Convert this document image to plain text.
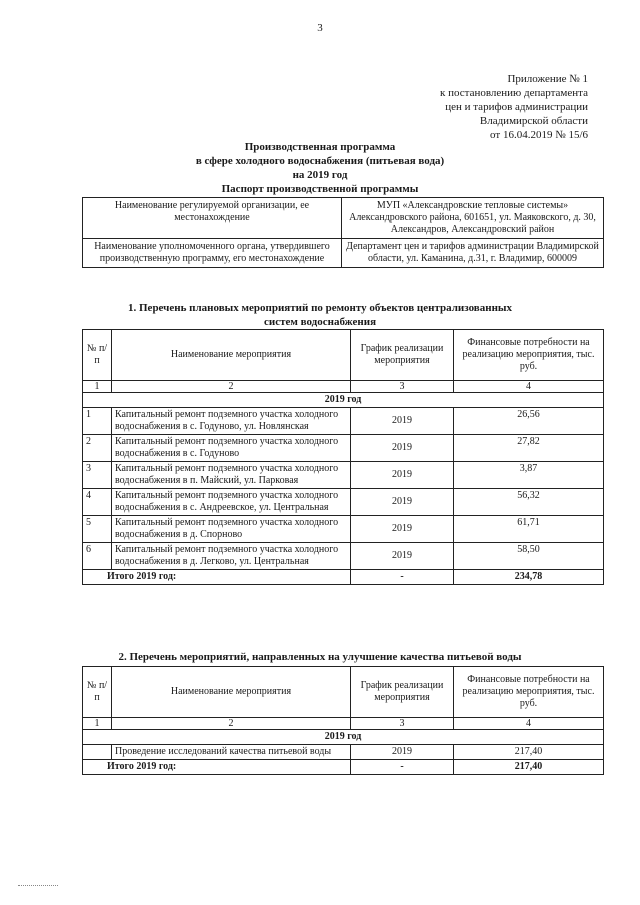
3
Приложение № 1
к постановлению департамента
цен и тарифов администрации
Владимирской области
от 16.04.2019 № 15/6
Производственная программа
в сфере холодного водоснабжения (питьевая вода)
на 2019 год
Паспорт производственной программы
Наименование регулируемой организации, ее местонахождение	МУП «Александровские тепловые системы» Александровского района, 601651, ул. Маяковского, д. 30, Александров, Александровский район
Наименование уполномоченного органа, утвердившего производственную программу, его местонахождение	Департамент цен и тарифов администрации Владимирской области, ул. Каманина, д.31, г. Владимир, 600009
1. Перечень плановых мероприятий по ремонту объектов централизованных систем водоснабжения
№ п/п	Наименование мероприятия	График реализации мероприятия	Финансовые потребности на реализацию мероприятия, тыс. руб.
1	2	3	4
2019 год			
1	Капитальный ремонт подземного участка холодного водоснабжения в с. Годуново, ул. Новлянская	2019	26,56
2	Капитальный ремонт подземного участка холодного водоснабжения в с. Годуново	2019	27,82
3	Капитальный ремонт подземного участка холодного водоснабжения в п. Майский, ул. Парковая	2019	3,87
4	Капитальный ремонт подземного участка холодного водоснабжения в с. Андреевское, ул. Центральная	2019	56,32
5	Капитальный ремонт подземного участка холодного водоснабжения в д. Спорново	2019	61,71
6	Капитальный ремонт подземного участка холодного водоснабжения в д. Легково, ул. Центральная	2019	58,50
Итого 2019 год:		-	234,78
2. Перечень мероприятий, направленных на улучшение качества питьевой воды
№ п/п	Наименование мероприятия	График реализации мероприятия	Финансовые потребности на реализацию мероприятия, тыс. руб.
1	2	3	4
2019 год			
	Проведение исследований качества питьевой воды	2019	217,40
Итого 2019 год:		-	217,40
